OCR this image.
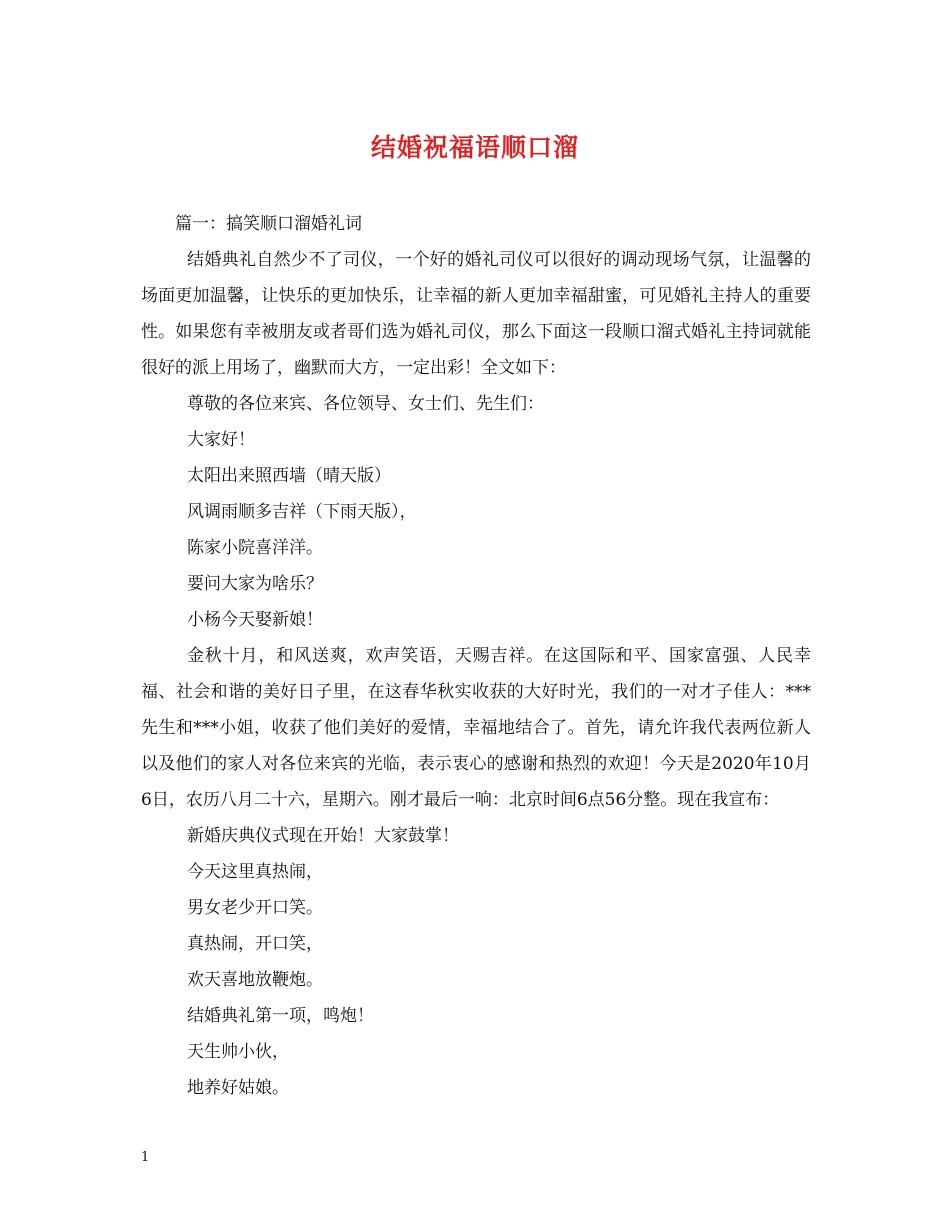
结婚祝福语顺口溜
篇一：搞笑顺口溜婚礼词
结婚典礼自然少不了司仪，一个好的婚礼司仪可以很好的调动现场气氛，让温馨的场面更加温馨，让快乐的更加快乐，让幸福的新人更加幸福甜蜜，可见婚礼主持人的重要性。如果您有幸被朋友或者哥们选为婚礼司仪，那么下面这一段顺口溜式婚礼主持词就能很好的派上用场了，幽默而大方，一定出彩！全文如下：
尊敬的各位来宾、各位领导、女士们、先生们：
大家好！
太阳出来照西墙（晴天版）
风调雨顺多吉祥（下雨天版），
陈家小院喜洋洋。
要问大家为啥乐？
小杨今天娶新娘！
金秋十月，和风送爽，欢声笑语，天赐吉祥。在这国际和平、国家富强、人民幸福、社会和谐的美好日子里，在这春华秋实收获的大好时光，我们的一对才子佳人：***先生和***小姐，收获了他们美好的爱情，幸福地结合了。首先，请允许我代表两位新人以及他们的家人对各位来宾的光临，表示衷心的感谢和热烈的欢迎！今天是2020年10月6日，农历八月二十六，星期六。刚才最后一响：北京时间6点56分整。现在我宣布：
新婚庆典仪式现在开始！大家鼓掌！
今天这里真热闹，
男女老少开口笑。
真热闹，开口笑，
欢天喜地放鞭炮。
结婚典礼第一项，鸣炮！
天生帅小伙，
地养好姑娘。
1
